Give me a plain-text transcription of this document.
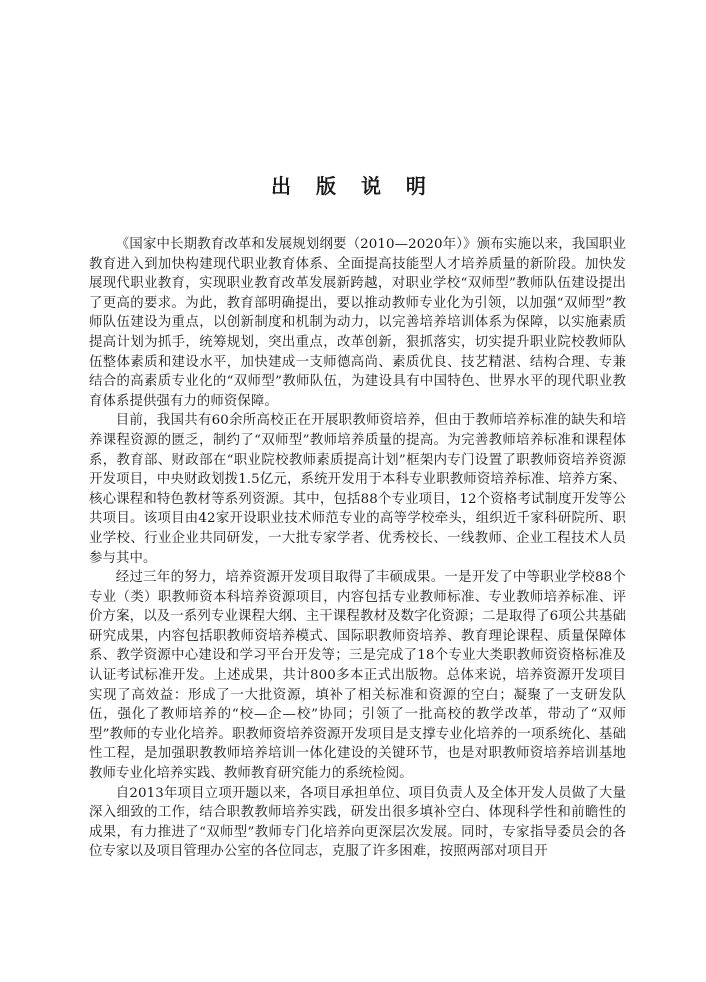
出 版 说 明

《国家中长期教育改革和发展规划纲要（2010—2020年）》颁布实施以来，我国职业教育进入到加快构建现代职业教育体系、全面提高技能型人才培养质量的新阶段。加快发展现代职业教育，实现职业教育改革发展新跨越，对职业学校“双师型”教师队伍建设提出了更高的要求。为此，教育部明确提出，要以推动教师专业化为引领，以加强“双师型”教师队伍建设为重点，以创新制度和机制为动力，以完善培养培训体系为保障，以实施素质提高计划为抓手，统筹规划，突出重点，改革创新，狠抓落实，切实提升职业院校教师队伍整体素质和建设水平，加快建成一支师德高尚、素质优良、技艺精湛、结构合理、专兼结合的高素质专业化的“双师型”教师队伍，为建设具有中国特色、世界水平的现代职业教育体系提供强有力的师资保障。

目前，我国共有60余所高校正在开展职教师资培养，但由于教师培养标准的缺失和培养课程资源的匮乏，制约了“双师型”教师培养质量的提高。为完善教师培养标准和课程体系，教育部、财政部在“职业院校教师素质提高计划”框架内专门设置了职教师资培养资源开发项目，中央财政划拨1.5亿元，系统开发用于本科专业职教师资培养标准、培养方案、核心课程和特色教材等系列资源。其中，包括88个专业项目，12个资格考试制度开发等公共项目。该项目由42家开设职业技术师范专业的高等学校牵头，组织近千家科研院所、职业学校、行业企业共同研发，一大批专家学者、优秀校长、一线教师、企业工程技术人员参与其中。

经过三年的努力，培养资源开发项目取得了丰硕成果。一是开发了中等职业学校88个专业（类）职教师资本科培养资源项目，内容包括专业教师标准、专业教师培养标准、评价方案，以及一系列专业课程大纲、主干课程教材及数字化资源；二是取得了6项公共基础研究成果，内容包括职教师资培养模式、国际职教师资培养、教育理论课程、质量保障体系、教学资源中心建设和学习平台开发等；三是完成了18个专业大类职教师资资格标准及认证考试标准开发。上述成果，共计800多本正式出版物。总体来说，培养资源开发项目实现了高效益：形成了一大批资源，填补了相关标准和资源的空白；凝聚了一支研发队伍，强化了教师培养的“校—企—校”协同；引领了一批高校的教学改革，带动了“双师型”教师的专业化培养。职教师资培养资源开发项目是支撑专业化培养的一项系统化、基础性工程，是加强职教教师培养培训一体化建设的关键环节，也是对职教师资培养培训基地教师专业化培养实践、教师教育研究能力的系统检阅。

自2013年项目立项开题以来，各项目承担单位、项目负责人及全体开发人员做了大量深入细致的工作，结合职教教师培养实践，研发出很多填补空白、体现科学性和前瞻性的成果，有力推进了“双师型”教师专门化培养向更深层次发展。同时，专家指导委员会的各位专家以及项目管理办公室的各位同志，克服了许多困难，按照两部对项目开
